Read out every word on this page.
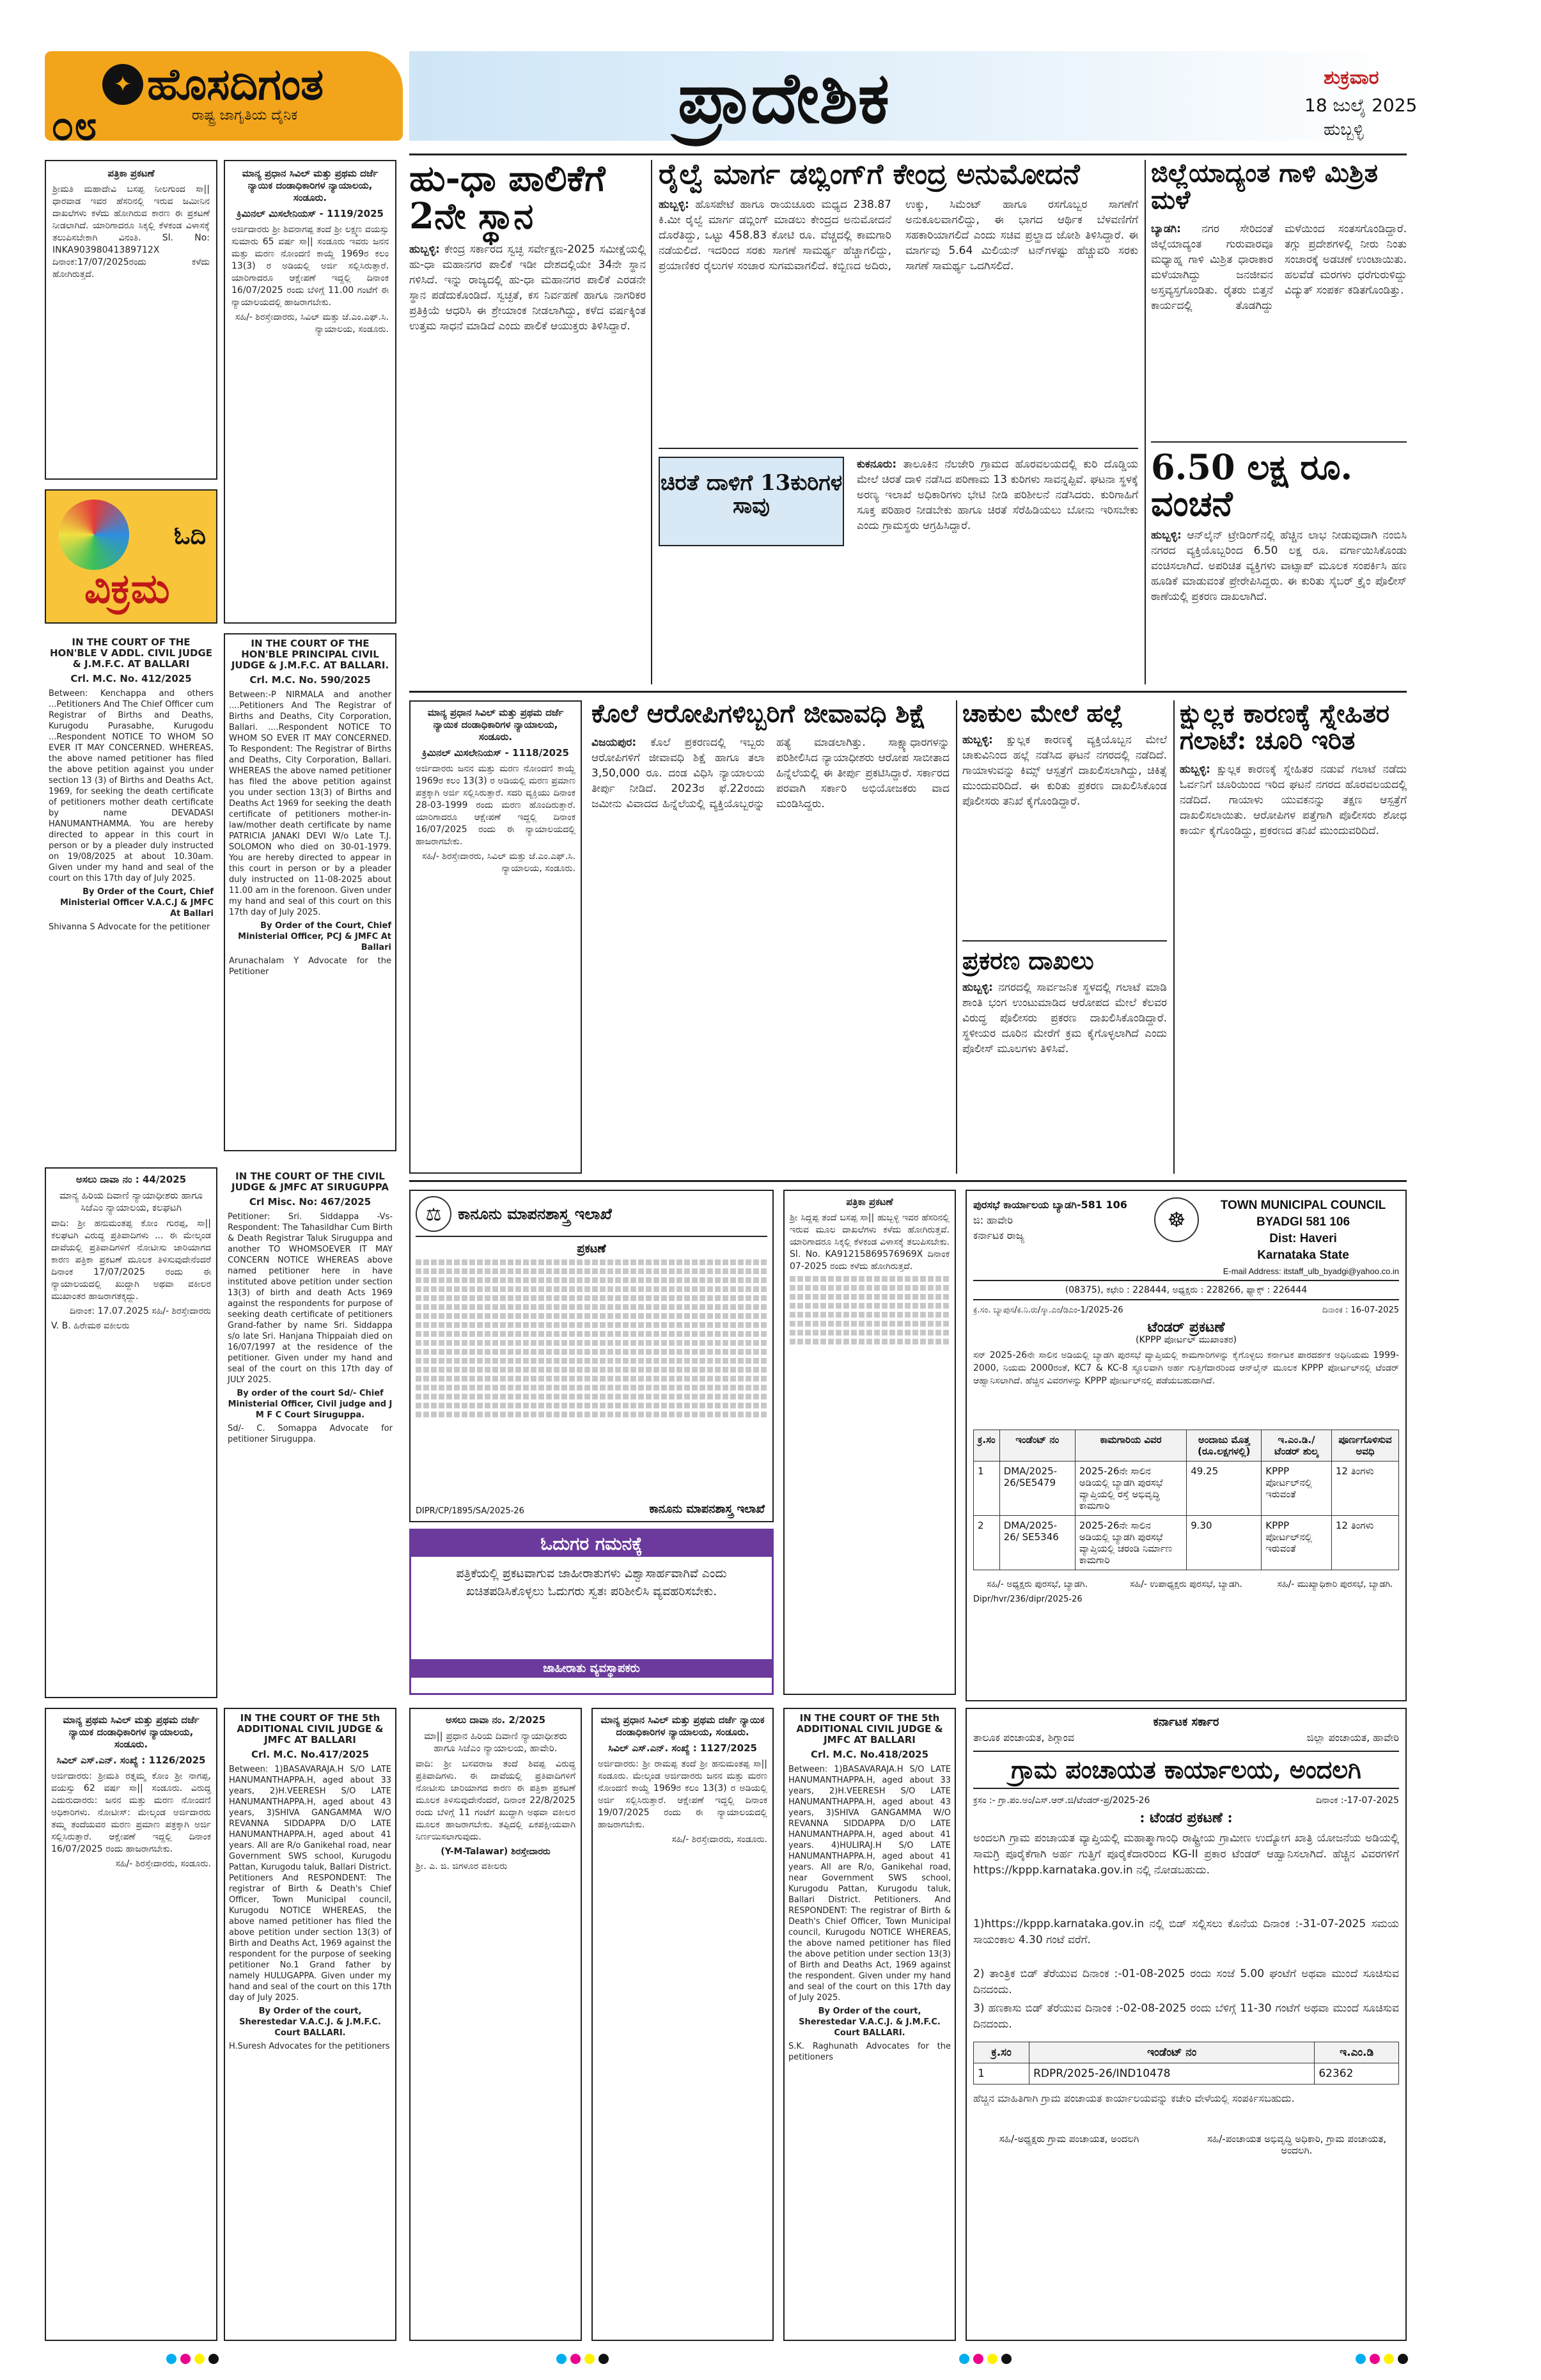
✦ ಹೊಸದಿಗಂತ
ರಾಷ್ಟ್ರ ಜಾಗೃತಿಯ ದೈನಿಕ
೦೮	ಪ್ರಾದೇಶಿಕ	ಶುಕ್ರವಾರ
18 ಜುಲೈ 2025
ಹುಬ್ಬಳ್ಳಿ
ಪತ್ರಿಕಾ ಪ್ರಕಟಣೆ

ಶ್ರೀಮತಿ ಮಹಾದೇವಿ ಬಸಪ್ಪ ನೀಲಗುಂದ ಸಾ|| ಧಾರವಾಡ ಇವರ ಹೆಸರಿನಲ್ಲಿ ಇರುವ ಜಮೀನಿನ ದಾಖಲೆಗಳು ಕಳೆದು ಹೋಗಿರುವ ಕಾರಣ ಈ ಪ್ರಕಟಣೆ ನೀಡಲಾಗಿದೆ. ಯಾರಿಗಾದರೂ ಸಿಕ್ಕಲ್ಲಿ ಕೆಳಕಂಡ ವಿಳಾಸಕ್ಕೆ ತಲುಪಿಸಬೇಕಾಗಿ ವಿನಂತಿ. Sl. No: INKA90398041389712X ದಿನಾಂಕ:17/07/2025ರಂದು ಕಳೆದು ಹೋಗಿರುತ್ತದೆ.

ವಿಕ್ರಮ
ಓದಿ
IN THE COURT OF THE HON'BLE V ADDL. CIVIL JUDGE & J.M.F.C. AT BALLARI
Crl. M.C. No. 412/2025

Between: Kenchappa and others ...Petitioners And The Chief Officer cum Registrar of Births and Deaths, Kurugodu Purasabhe, Kurugodu ...Respondent NOTICE TO WHOM SO EVER IT MAY CONCERNED. WHEREAS, the above named petitioner has filed the above petition against you under section 13 (3) of Births and Deaths Act, 1969, for seeking the death certificate of petitioners mother death certificate by name DEVADASI HANUMANTHAMMA. You are hereby directed to appear in this court in person or by a pleader duly instructed on 19/08/2025 at about 10.30am. Given under my hand and seal of the court on this 17th day of July 2025.

By Order of the Court, Chief Ministerial Officer V.A.C.J & JMFC At Ballari

Shivanna S Advocate for the petitioner

ಅಸಲು ದಾವಾ ನಂ : 44/2025
ಮಾನ್ಯ ಹಿರಿಯ ದಿವಾಣಿ ನ್ಯಾಯಾಧೀಶರು ಹಾಗೂ ಸಿಜೆಎಂ ನ್ಯಾಯಾಲಯ, ಕಲಘಟಗಿ

ವಾದಿ: ಶ್ರೀ ಹನುಮಂತಪ್ಪ ಕೋಂ ಗುರಪ್ಪ, ಸಾ|| ಕಲಘಟಗಿ ವಿರುದ್ಧ ಪ್ರತಿವಾದಿಗಳು ... ಈ ಮೇಲ್ಕಂಡ ದಾವೆಯಲ್ಲಿ ಪ್ರತಿವಾದಿಗಳಿಗೆ ನೋಟೀಸು ಜಾರಿಯಾಗದ ಕಾರಣ ಪತ್ರಿಕಾ ಪ್ರಕಟಣೆ ಮೂಲಕ ತಿಳಿಸುವುದೇನೆಂದರೆ ದಿನಾಂಕ 17/07/2025 ರಂದು ಈ ನ್ಯಾಯಾಲಯದಲ್ಲಿ ಖುದ್ದಾಗಿ ಅಥವಾ ವಕೀಲರ ಮುಖಾಂತರ ಹಾಜರಾಗತಕ್ಕದ್ದು.

ದಿನಾಂಕ: 17.07.2025 ಸಹಿ/- ಶಿರಸ್ತೇದಾರರು

V. B. ಹಿರೇಮಠ ವಕೀಲರು

ಮಾನ್ಯ ಪ್ರಥಮ ಸಿವಿಲ್ ಮತ್ತು ಪ್ರಥಮ ದರ್ಜೆ ನ್ಯಾಯಿಕ ದಂಡಾಧಿಕಾರಿಗಳ ನ್ಯಾಯಾಲಯ, ಸಂಡೂರು.
ಸಿವಿಲ್ ಎಸ್.ಎನ್. ಸಂಖ್ಯೆ : 1126/2025

ಅರ್ಜಿದಾರರು: ಶ್ರೀಮತಿ ರತ್ನಮ್ಮ ಕೋಂ ಶ್ರೀ ನಾಗಪ್ಪ, ವಯಸ್ಸು 62 ವರ್ಷ ಸಾ|| ಸಂಡೂರು. ವಿರುದ್ಧ ಎದುರುದಾರರು: ಜನನ ಮತ್ತು ಮರಣ ನೋಂದಣಿ ಅಧಿಕಾರಿಗಳು. ನೋಟೀಸ್: ಮೇಲ್ಕಂಡ ಅರ್ಜಿದಾರರು ತಮ್ಮ ತಂದೆಯವರ ಮರಣ ಪ್ರಮಾಣ ಪತ್ರಕ್ಕಾಗಿ ಅರ್ಜಿ ಸಲ್ಲಿಸಿರುತ್ತಾರೆ. ಆಕ್ಷೇಪಣೆ ಇದ್ದಲ್ಲಿ ದಿನಾಂಕ 16/07/2025 ರಂದು ಹಾಜರಾಗಬೇಕು.

ಸಹಿ/- ಶಿರಸ್ತೇದಾರರು, ಸಂಡೂರು.

ಮಾನ್ಯ ಪ್ರಧಾನ ಸಿವಿಲ್ ಮತ್ತು ಪ್ರಥಮ ದರ್ಜೆ ನ್ಯಾಯಿಕ ದಂಡಾಧಿಕಾರಿಗಳ ನ್ಯಾಯಾಲಯ, ಸಂಡೂರು.
ಕ್ರಿಮಿನಲ್ ಮಿಸಲೇನಿಯಸ್ - 1119/2025

ಅರ್ಜಿದಾರರು ಶ್ರೀ ಶಿವನಾಗಪ್ಪ ತಂದೆ ಶ್ರೀ ಲಕ್ಷ್ಮಣ ವಯಸ್ಸು ಸುಮಾರು 65 ವರ್ಷ ಸಾ|| ಸಂಡೂರು ಇವರು ಜನನ ಮತ್ತು ಮರಣ ನೋಂದಣಿ ಕಾಯ್ದೆ 1969ರ ಕಲಂ 13(3) ರ ಅಡಿಯಲ್ಲಿ ಅರ್ಜಿ ಸಲ್ಲಿಸಿರುತ್ತಾರೆ. ಯಾರಿಗಾದರೂ ಆಕ್ಷೇಪಣೆ ಇದ್ದಲ್ಲಿ ದಿನಾಂಕ 16/07/2025 ರಂದು ಬೆಳಿಗ್ಗೆ 11.00 ಗಂಟೆಗೆ ಈ ನ್ಯಾಯಾಲಯದಲ್ಲಿ ಹಾಜರಾಗಬೇಕು.

ಸಹಿ/- ಶಿರಸ್ತೇದಾರರು, ಸಿವಿಲ್ ಮತ್ತು ಜೆ.ಎಂ.ಎಫ್.ಸಿ. ನ್ಯಾಯಾಲಯ, ಸಂಡೂರು.

IN THE COURT OF THE HON'BLE PRINCIPAL CIVIL JUDGE & J.M.F.C. AT BALLARI.
Crl. M.C. No. 590/2025

Between:-P NIRMALA and another ....Petitioners And The Registrar of Births and Deaths, City Corporation, Ballari. ....Respondent NOTICE TO WHOM SO EVER IT MAY CONCERNED. To Respondent: The Registrar of Births and Deaths, City Corporation, Ballari. WHEREAS the above named petitioner has filed the above petition against you under section 13(3) of Births and Deaths Act 1969 for seeking the death certificate of petitioners mother-in-law/mother death certificate by name PATRICIA JANAKI DEVI W/o Late T.J. SOLOMON who died on 30-01-1979. You are hereby directed to appear in this court in person or by a pleader duly instructed on 11-08-2025 about 11.00 am in the forenoon. Given under my hand and seal of this court on this 17th day of July 2025.

By Order of the Court, Chief Ministerial Officer, PCJ & JMFC At Ballari

Arunachalam Y Advocate for the Petitioner

IN THE COURT OF THE CIVIL JUDGE & JMFC AT SIRUGUPPA
Crl Misc. No: 467/2025

Petitioner: Sri. Siddappa -Vs- Respondent: The Tahasildhar Cum Birth & Death Registrar Taluk Siruguppa and another TO WHOMSOEVER IT MAY CONCERN NOTICE WHEREAS above named petitioner here in have instituted above petition under section 13(3) of birth and death Acts 1969 against the respondents for purpose of seeking death certificate of petitioners Grand-father by name Sri. Siddappa s/o late Sri. Hanjana Thippaiah died on 16/07/1997 at the residence of the petitioner. Given under my hand and seal of the court on this 17th day of JULY 2025.

By order of the court Sd/- Chief Ministerial Officer, Civil judge and J M F C Court Siruguppa.

Sd/- C. Somappa Advocate for petitioner Siruguppa.

IN THE COURT OF THE 5th ADDITIONAL CIVIL JUDGE & JMFC AT BALLARI
Crl. M.C. No.417/2025

Between: 1)BASAVARAJA.H S/O LATE HANUMANTHAPPA.H, aged about 33 years, 2)H.VEERESH S/O LATE HANUMANTHAPPA.H, aged about 43 years, 3)SHIVA GANGAMMA W/O REVANNA SIDDAPPA D/O LATE HANUMANTHAPPA.H, aged about 41 years. All are R/o Ganikehal road, near Government SWS school, Kurugodu Pattan, Kurugodu taluk, Ballari District. Petitioners And RESPONDENT: The registrar of Birth & Death's Chief Officer, Town Municipal council, Kurugodu NOTICE WHEREAS, the above named petitioner has filed the above petition under section 13(3) of Birth and Deaths Act, 1969 against the respondent for the purpose of seeking petitioner No.1 Grand father by namely HULUGAPPA. Given under my hand and seal of the court on this 17th day of July 2025.

By Order of the court, Sherestedar V.A.C.J. & J.M.F.C. Court BALLARI.

H.Suresh Advocates for the petitioners

ಹು-ಧಾ ಪಾಲಿಕೆಗೆ
2ನೇ ಸ್ಥಾನ
ಹುಬ್ಬಳ್ಳಿ: ಕೇಂದ್ರ ಸರ್ಕಾರದ ಸ್ವಚ್ಛ ಸರ್ವೇಕ್ಷಣ-2025 ಸಮೀಕ್ಷೆಯಲ್ಲಿ ಹು-ಧಾ ಮಹಾನಗರ ಪಾಲಿಕೆ ಇಡೀ ದೇಶದಲ್ಲಿಯೇ 34ನೇ ಸ್ಥಾನ ಗಳಿಸಿದೆ. ಇನ್ನು ರಾಜ್ಯದಲ್ಲಿ ಹು-ಧಾ ಮಹಾನಗರ ಪಾಲಿಕೆ ಎರಡನೇ ಸ್ಥಾನ ಪಡೆದುಕೊಂಡಿದೆ. ಸ್ವಚ್ಛತೆ, ಕಸ ನಿರ್ವಹಣೆ ಹಾಗೂ ನಾಗರಿಕರ ಪ್ರತಿಕ್ರಿಯೆ ಆಧರಿಸಿ ಈ ಶ್ರೇಯಾಂಕ ನೀಡಲಾಗಿದ್ದು, ಕಳೆದ ವರ್ಷಕ್ಕಿಂತ ಉತ್ತಮ ಸಾಧನೆ ಮಾಡಿದೆ ಎಂದು ಪಾಲಿಕೆ ಆಯುಕ್ತರು ತಿಳಿಸಿದ್ದಾರೆ.
ರೈಲ್ವೆ ಮಾರ್ಗ ಡಬ್ಲಿಂಗ್‌ಗೆ ಕೇಂದ್ರ ಅನುಮೋದನೆ
ಹುಬ್ಬಳ್ಳಿ: ಹೊಸಪೇಟೆ ಹಾಗೂ ರಾಯಚೂರು ಮಧ್ಯದ 238.87 ಕಿ.ಮೀ ರೈಲ್ವೆ ಮಾರ್ಗ ಡಬ್ಲಿಂಗ್ ಮಾಡಲು ಕೇಂದ್ರದ ಅನುಮೋದನೆ ದೊರೆತಿದ್ದು, ಒಟ್ಟು 458.83 ಕೋಟಿ ರೂ. ವೆಚ್ಚದಲ್ಲಿ ಕಾಮಗಾರಿ ನಡೆಯಲಿದೆ. ಇದರಿಂದ ಸರಕು ಸಾಗಣೆ ಸಾಮರ್ಥ್ಯ ಹೆಚ್ಚಾಗಲಿದ್ದು, ಪ್ರಯಾಣಿಕರ ರೈಲುಗಳ ಸಂಚಾರ ಸುಗಮವಾಗಲಿದೆ. ಕಬ್ಬಿಣದ ಅದಿರು, ಉಕ್ಕು, ಸಿಮೆಂಟ್ ಹಾಗೂ ರಸಗೊಬ್ಬರ ಸಾಗಣೆಗೆ ಅನುಕೂಲವಾಗಲಿದ್ದು, ಈ ಭಾಗದ ಆರ್ಥಿಕ ಬೆಳವಣಿಗೆಗೆ ಸಹಕಾರಿಯಾಗಲಿದೆ ಎಂದು ಸಚಿವ ಪ್ರಲ್ಹಾದ ಜೋಶಿ ತಿಳಿಸಿದ್ದಾರೆ. ಈ ಮಾರ್ಗವು 5.64 ಮಿಲಿಯನ್ ಟನ್‌ಗಳಷ್ಟು ಹೆಚ್ಚುವರಿ ಸರಕು ಸಾಗಣೆ ಸಾಮರ್ಥ್ಯ ಒದಗಿಸಲಿದೆ.
ಜಿಲ್ಲೆಯಾದ್ಯಂತ ಗಾಳಿ ಮಿಶ್ರಿತ ಮಳೆ
ಬ್ಯಾಡಗಿ: ನಗರ ಸೇರಿದಂತೆ ಜಿಲ್ಲೆಯಾದ್ಯಂತ ಗುರುವಾರವೂ ಮಧ್ಯಾಹ್ನ ಗಾಳಿ ಮಿಶ್ರಿತ ಧಾರಾಕಾರ ಮಳೆಯಾಗಿದ್ದು ಜನಜೀವನ ಅಸ್ತವ್ಯಸ್ತಗೊಂಡಿತು. ರೈತರು ಬಿತ್ತನೆ ಕಾರ್ಯದಲ್ಲಿ ತೊಡಗಿದ್ದು ಮಳೆಯಿಂದ ಸಂತಸಗೊಂಡಿದ್ದಾರೆ. ತಗ್ಗು ಪ್ರದೇಶಗಳಲ್ಲಿ ನೀರು ನಿಂತು ಸಂಚಾರಕ್ಕೆ ಅಡಚಣೆ ಉಂಟಾಯಿತು. ಹಲವೆಡೆ ಮರಗಳು ಧರೆಗುರುಳಿದ್ದು ವಿದ್ಯುತ್ ಸಂಪರ್ಕ ಕಡಿತಗೊಂಡಿತ್ತು.
6.50 ಲಕ್ಷ ರೂ. ವಂಚನೆ
ಹುಬ್ಬಳ್ಳಿ: ಆನ್‌ಲೈನ್ ಟ್ರೇಡಿಂಗ್‌ನಲ್ಲಿ ಹೆಚ್ಚಿನ ಲಾಭ ನೀಡುವುದಾಗಿ ನಂಬಿಸಿ ನಗರದ ವ್ಯಕ್ತಿಯೊಬ್ಬರಿಂದ 6.50 ಲಕ್ಷ ರೂ. ವರ್ಗಾಯಿಸಿಕೊಂಡು ವಂಚಿಸಲಾಗಿದೆ. ಅಪರಿಚಿತ ವ್ಯಕ್ತಿಗಳು ವಾಟ್ಸಾಪ್ ಮೂಲಕ ಸಂಪರ್ಕಿಸಿ ಹಣ ಹೂಡಿಕೆ ಮಾಡುವಂತೆ ಪ್ರೇರೇಪಿಸಿದ್ದರು. ಈ ಕುರಿತು ಸೈಬರ್ ಕ್ರೈಂ ಪೊಲೀಸ್ ಠಾಣೆಯಲ್ಲಿ ಪ್ರಕರಣ ದಾಖಲಾಗಿದೆ.
ಚಿರತೆ ದಾಳಿಗೆ 13ಕುರಿಗಳ ಸಾವು
ಕುಕನೂರು: ತಾಲೂಕಿನ ನೆಲಜೇರಿ ಗ್ರಾಮದ ಹೊರವಲಯದಲ್ಲಿ ಕುರಿ ದೊಡ್ಡಿಯ ಮೇಲೆ ಚಿರತೆ ದಾಳಿ ನಡೆಸಿದ ಪರಿಣಾಮ 13 ಕುರಿಗಳು ಸಾವನ್ನಪ್ಪಿವೆ. ಘಟನಾ ಸ್ಥಳಕ್ಕೆ ಅರಣ್ಯ ಇಲಾಖೆ ಅಧಿಕಾರಿಗಳು ಭೇಟಿ ನೀಡಿ ಪರಿಶೀಲನೆ ನಡೆಸಿದರು. ಕುರಿಗಾಹಿಗೆ ಸೂಕ್ತ ಪರಿಹಾರ ನೀಡಬೇಕು ಹಾಗೂ ಚಿರತೆ ಸೆರೆಹಿಡಿಯಲು ಬೋನು ಇರಿಸಬೇಕು ಎಂದು ಗ್ರಾಮಸ್ಥರು ಆಗ್ರಹಿಸಿದ್ದಾರೆ.
ಮಾನ್ಯ ಪ್ರಧಾನ ಸಿವಿಲ್ ಮತ್ತು ಪ್ರಥಮ ದರ್ಜೆ ನ್ಯಾಯಿಕ ದಂಡಾಧಿಕಾರಿಗಳ ನ್ಯಾಯಾಲಯ, ಸಂಡೂರು.
ಕ್ರಿಮಿನಲ್ ಮಿಸಲೇನಿಯಸ್ - 1118/2025

ಅರ್ಜಿದಾರರು ಜನನ ಮತ್ತು ಮರಣ ನೋಂದಣಿ ಕಾಯ್ದೆ 1969ರ ಕಲಂ 13(3) ರ ಅಡಿಯಲ್ಲಿ ಮರಣ ಪ್ರಮಾಣ ಪತ್ರಕ್ಕಾಗಿ ಅರ್ಜಿ ಸಲ್ಲಿಸಿರುತ್ತಾರೆ. ಸದರಿ ವ್ಯಕ್ತಿಯು ದಿನಾಂಕ 28-03-1999 ರಂದು ಮರಣ ಹೊಂದಿರುತ್ತಾರೆ. ಯಾರಿಗಾದರೂ ಆಕ್ಷೇಪಣೆ ಇದ್ದಲ್ಲಿ ದಿನಾಂಕ 16/07/2025 ರಂದು ಈ ನ್ಯಾಯಾಲಯದಲ್ಲಿ ಹಾಜರಾಗಬೇಕು.

ಸಹಿ/- ಶಿರಸ್ತೇದಾರರು, ಸಿವಿಲ್ ಮತ್ತು ಜೆ.ಎಂ.ಎಫ್.ಸಿ. ನ್ಯಾಯಾಲಯ, ಸಂಡೂರು.

ಕೊಲೆ ಆರೋಪಿಗಳಿಬ್ಬರಿಗೆ ಜೀವಾವಧಿ ಶಿಕ್ಷೆ
ವಿಜಯಪುರ: ಕೊಲೆ ಪ್ರಕರಣದಲ್ಲಿ ಇಬ್ಬರು ಆರೋಪಿಗಳಿಗೆ ಜೀವಾವಧಿ ಶಿಕ್ಷೆ ಹಾಗೂ ತಲಾ 3,50,000 ರೂ. ದಂಡ ವಿಧಿಸಿ ನ್ಯಾಯಾಲಯ ತೀರ್ಪು ನೀಡಿದೆ. 2023ರ ಫೆ.22ರಂದು ಜಮೀನು ವಿವಾದದ ಹಿನ್ನೆಲೆಯಲ್ಲಿ ವ್ಯಕ್ತಿಯೊಬ್ಬರನ್ನು ಹತ್ಯೆ ಮಾಡಲಾಗಿತ್ತು. ಸಾಕ್ಷ್ಯಾಧಾರಗಳನ್ನು ಪರಿಶೀಲಿಸಿದ ನ್ಯಾಯಾಧೀಶರು ಆರೋಪ ಸಾಬೀತಾದ ಹಿನ್ನೆಲೆಯಲ್ಲಿ ಈ ತೀರ್ಪು ಪ್ರಕಟಿಸಿದ್ದಾರೆ. ಸರ್ಕಾರದ ಪರವಾಗಿ ಸರ್ಕಾರಿ ಅಭಿಯೋಜಕರು ವಾದ ಮಂಡಿಸಿದ್ದರು.
ಚಾಕುಲ ಮೇಲೆ ಹಲ್ಲೆ
ಹುಬ್ಬಳ್ಳಿ: ಕ್ಷುಲ್ಲಕ ಕಾರಣಕ್ಕೆ ವ್ಯಕ್ತಿಯೊಬ್ಬನ ಮೇಲೆ ಚಾಕುವಿನಿಂದ ಹಲ್ಲೆ ನಡೆಸಿದ ಘಟನೆ ನಗರದಲ್ಲಿ ನಡೆದಿದೆ. ಗಾಯಾಳುವನ್ನು ಕಿಮ್ಸ್ ಆಸ್ಪತ್ರೆಗೆ ದಾಖಲಿಸಲಾಗಿದ್ದು, ಚಿಕಿತ್ಸೆ ಮುಂದುವರಿದಿದೆ. ಈ ಕುರಿತು ಪ್ರಕರಣ ದಾಖಲಿಸಿಕೊಂಡ ಪೊಲೀಸರು ತನಿಖೆ ಕೈಗೊಂಡಿದ್ದಾರೆ.
ಪ್ರಕರಣ ದಾಖಲು
ಹುಬ್ಬಳ್ಳಿ: ನಗರದಲ್ಲಿ ಸಾರ್ವಜನಿಕ ಸ್ಥಳದಲ್ಲಿ ಗಲಾಟೆ ಮಾಡಿ ಶಾಂತಿ ಭಂಗ ಉಂಟುಮಾಡಿದ ಆರೋಪದ ಮೇಲೆ ಕೆಲವರ ವಿರುದ್ಧ ಪೊಲೀಸರು ಪ್ರಕರಣ ದಾಖಲಿಸಿಕೊಂಡಿದ್ದಾರೆ. ಸ್ಥಳೀಯರ ದೂರಿನ ಮೇರೆಗೆ ಕ್ರಮ ಕೈಗೊಳ್ಳಲಾಗಿದೆ ಎಂದು ಪೊಲೀಸ್ ಮೂಲಗಳು ತಿಳಿಸಿವೆ.
ಕ್ಷುಲ್ಲಕ ಕಾರಣಕ್ಕೆ ಸ್ನೇಹಿತರ
ಗಲಾಟೆ: ಚೂರಿ ಇರಿತ
ಹುಬ್ಬಳ್ಳಿ: ಕ್ಷುಲ್ಲಕ ಕಾರಣಕ್ಕೆ ಸ್ನೇಹಿತರ ನಡುವೆ ಗಲಾಟೆ ನಡೆದು ಓರ್ವನಿಗೆ ಚೂರಿಯಿಂದ ಇರಿದ ಘಟನೆ ನಗರದ ಹೊರವಲಯದಲ್ಲಿ ನಡೆದಿದೆ. ಗಾಯಾಳು ಯುವಕನನ್ನು ತಕ್ಷಣ ಆಸ್ಪತ್ರೆಗೆ ದಾಖಲಿಸಲಾಯಿತು. ಆರೋಪಿಗಳ ಪತ್ತೆಗಾಗಿ ಪೊಲೀಸರು ಶೋಧ ಕಾರ್ಯ ಕೈಗೊಂಡಿದ್ದು, ಪ್ರಕರಣದ ತನಿಖೆ ಮುಂದುವರಿದಿದೆ.
⚖	ಕಾನೂನು ಮಾಪನಶಾಸ್ತ್ರ ಇಲಾಖೆ
ಪ್ರಕಟಣೆ
DIPR/CP/1895/SA/2025-26	ಕಾನೂನು ಮಾಪನಶಾಸ್ತ್ರ ಇಲಾಖೆ
ಓದುಗರ ಗಮನಕ್ಕೆ
ಪತ್ರಿಕೆಯಲ್ಲಿ ಪ್ರಕಟವಾಗುವ ಜಾಹೀರಾತುಗಳು ವಿಶ್ವಾಸಾರ್ಹವಾಗಿವೆ ಎಂದು ಖಚಿತಪಡಿಸಿಕೊಳ್ಳಲು ಓದುಗರು ಸ್ವತಃ ಪರಿಶೀಲಿಸಿ ವ್ಯವಹರಿಸಬೇಕು.
ಜಾಹೀರಾತು ವ್ಯವಸ್ಥಾಪಕರು
ಅಸಲು ದಾವಾ ನಂ. 2/2025
ಮಾ|| ಪ್ರಧಾನ ಹಿರಿಯ ದಿವಾಣಿ ನ್ಯಾಯಾಧೀಶರು ಹಾಗೂ ಸಿಜೆಎಂ ನ್ಯಾಯಾಲಯ, ಹಾವೇರಿ.

ವಾದಿ: ಶ್ರೀ ಬಸವರಾಜ ತಂದೆ ಶಿವಪ್ಪ ವಿರುದ್ಧ ಪ್ರತಿವಾದಿಗಳು. ಈ ದಾವೆಯಲ್ಲಿ ಪ್ರತಿವಾದಿಗಳಿಗೆ ನೋಟೀಸು ಜಾರಿಯಾಗದ ಕಾರಣ ಈ ಪತ್ರಿಕಾ ಪ್ರಕಟಣೆ ಮೂಲಕ ತಿಳಿಸುವುದೇನೆಂದರೆ, ದಿನಾಂಕ 22/8/2025 ರಂದು ಬೆಳಿಗ್ಗೆ 11 ಗಂಟೆಗೆ ಖುದ್ದಾಗಿ ಅಥವಾ ವಕೀಲರ ಮೂಲಕ ಹಾಜರಾಗಬೇಕು. ತಪ್ಪಿದಲ್ಲಿ ಏಕಪಕ್ಷೀಯವಾಗಿ ನಿರ್ಣಯಿಸಲಾಗುವುದು.

(Y-M-Talawar) ಶಿರಸ್ತೇದಾರರು

ಶ್ರೀ. ಎ. ಜಿ. ಜಿಗಳೂರ ವಕೀಲರು

ಮಾನ್ಯ ಪ್ರಧಾನ ಸಿವಿಲ್ ಮತ್ತು ಪ್ರಥಮ ದರ್ಜೆ ನ್ಯಾಯಿಕ ದಂಡಾಧಿಕಾರಿಗಳ ನ್ಯಾಯಾಲಯ, ಸಂಡೂರು.
ಸಿವಿಲ್ ಎಸ್.ಎನ್. ಸಂಖ್ಯೆ : 1127/2025

ಅರ್ಜಿದಾರರು: ಶ್ರೀ ರಾಮಪ್ಪ ತಂದೆ ಶ್ರೀ ಹನುಮಂತಪ್ಪ ಸಾ|| ಸಂಡೂರು. ಮೇಲ್ಕಂಡ ಅರ್ಜಿದಾರರು ಜನನ ಮತ್ತು ಮರಣ ನೋಂದಣಿ ಕಾಯ್ದೆ 1969ರ ಕಲಂ 13(3) ರ ಅಡಿಯಲ್ಲಿ ಅರ್ಜಿ ಸಲ್ಲಿಸಿರುತ್ತಾರೆ. ಆಕ್ಷೇಪಣೆ ಇದ್ದಲ್ಲಿ ದಿನಾಂಕ 19/07/2025 ರಂದು ಈ ನ್ಯಾಯಾಲಯದಲ್ಲಿ ಹಾಜರಾಗಬೇಕು.

ಸಹಿ/- ಶಿರಸ್ತೇದಾರರು, ಸಂಡೂರು.

ಪತ್ರಿಕಾ ಪ್ರಕಟಣೆ

ಶ್ರೀ ಸಿದ್ದಪ್ಪ ತಂದೆ ಬಸಪ್ಪ ಸಾ|| ಹುಬ್ಬಳ್ಳಿ ಇವರ ಹೆಸರಿನಲ್ಲಿ ಇರುವ ಮೂಲ ದಾಖಲೆಗಳು ಕಳೆದು ಹೋಗಿರುತ್ತವೆ. ಯಾರಿಗಾದರೂ ಸಿಕ್ಕಲ್ಲಿ ಕೆಳಕಂಡ ವಿಳಾಸಕ್ಕೆ ತಲುಪಿಸಬೇಕು. Sl. No. KA91215869576969X ದಿನಾಂಕ 07-2025 ರಂದು ಕಳೆದು ಹೋಗಿರುತ್ತದೆ.

IN THE COURT OF THE 5th ADDITIONAL CIVIL JUDGE & JMFC AT BALLARI
Crl. M.C. No.418/2025

Between: 1)BASAVARAJA.H S/O LATE HANUMANTHAPPA.H, aged about 33 years, 2)H.VEERESH S/O LATE HANUMANTHAPPA.H, aged about 43 years, 3)SHIVA GANGAMMA W/O REVANNA SIDDAPPA D/O LATE HANUMANTHAPPA.H, aged about 41 years. 4)HULIRAJ.H S/O LATE HANUMANTHAPPA.H, aged about 41 years. All are R/o, Ganikehal road, near Government SWS school, Kurugodu Pattan, Kurugodu taluk, Ballari District. Petitioners. And RESPONDENT: The registrar of Birth & Death's Chief Officer, Town Municipal council, Kurugodu NOTICE WHEREAS, the above named petitioner has filed the above petition under section 13(3) of Birth and Deaths Act, 1969 against the respondent. Given under my hand and seal of the court on this 17th day of July 2025.

By Order of the court, Sherestedar V.A.C.J. & J.M.F.C. Court BALLARI.

S.K. Raghunath Advocates for the petitioners

ಪುರಸಭೆ ಕಾರ್ಯಾಲಯ ಬ್ಯಾಡಗಿ-581 106
ಜಿ: ಹಾವೇರಿ
ಕರ್ನಾಟಕ ರಾಜ್ಯ
☸
TOWN MUNICIPAL COUNCIL
BYADGI 581 106
Dist: Haveri
Karnataka State
E-mail Address: itstaff_ulb_byadgi@yahoo.co.in
(08375), ಕಛೇರಿ : 228444, ಅಧ್ಯಕ್ಷರು : 228266, ಫ್ಯಾಕ್ಸ್ : 226444
ಕ್ರ.ಸಂ. ಬ್ಯಾಪುಸ/ಕ.ನಿ.ರು/ಸ್ಕಾ.ಎಂ/ಡಿಎಂ-1/2025-26	ದಿನಾಂಕ : 16-07-2025
ಟೆಂಡರ್ ಪ್ರಕಟಣೆ
(KPPP ಪೋರ್ಟಲ್ ಮುಖಾಂತರ)
ಸನ್ 2025-26ನೇ ಸಾಲಿನ ಅಡಿಯಲ್ಲಿ ಬ್ಯಾಡಗಿ ಪುರಸಭೆ ವ್ಯಾಪ್ತಿಯಲ್ಲಿ ಕಾಮಗಾರಿಗಳನ್ನು ಕೈಗೊಳ್ಳಲು ಕರ್ನಾಟಕ ಪಾರದರ್ಶಕ ಅಧಿನಿಯಮ 1999-2000, ನಿಯಮ 2000ರಂತೆ, KC7 & KC-8 ಸ್ಥೂಲವಾಗಿ ಅರ್ಹ ಗುತ್ತಿಗೆದಾರರಿಂದ ಆನ್‌ಲೈನ್ ಮೂಲಕ KPPP ಪೋರ್ಟಲ್‌ನಲ್ಲಿ ಟೆಂಡರ್ ಆಹ್ವಾನಿಸಲಾಗಿದೆ. ಹೆಚ್ಚಿನ ವಿವರಗಳನ್ನು KPPP ಪೋರ್ಟಲ್‌ನಲ್ಲಿ ಪಡೆಯಬಹುದಾಗಿದೆ.
ಕ್ರ.ಸಂ	ಇಂಡೆಂಟ್ ನಂ	ಕಾಮಗಾರಿಯ ವಿವರ	ಅಂದಾಜು ಮೊತ್ತ (ರೂ.ಲಕ್ಷಗಳಲ್ಲಿ)	ಇ.ಎಂ.ಡಿ./ಟೆಂಡರ್ ಶುಲ್ಕ	ಪೂರ್ಣಗೊಳಿಸುವ ಅವಧಿ
1	DMA/2025-26/SE5479	2025-26ನೇ ಸಾಲಿನ ಅಡಿಯಲ್ಲಿ ಬ್ಯಾಡಗಿ ಪುರಸಭೆ ವ್ಯಾಪ್ತಿಯಲ್ಲಿ ರಸ್ತೆ ಅಭಿವೃದ್ಧಿ ಕಾಮಗಾರಿ	49.25	KPPP ಪೋರ್ಟಲ್‌ನಲ್ಲಿ ಇರುವಂತೆ	12 ತಿಂಗಳು
2	DMA/2025-26/ SE5346	2025-26ನೇ ಸಾಲಿನ ಅಡಿಯಲ್ಲಿ ಬ್ಯಾಡಗಿ ಪುರಸಭೆ ವ್ಯಾಪ್ತಿಯಲ್ಲಿ ಚರಂಡಿ ನಿರ್ಮಾಣ ಕಾಮಗಾರಿ	9.30	KPPP ಪೋರ್ಟಲ್‌ನಲ್ಲಿ ಇರುವಂತೆ	12 ತಿಂಗಳು
ಸಹಿ/- ಅಧ್ಯಕ್ಷರು ಪುರಸಭೆ, ಬ್ಯಾಡಗಿ.	ಸಹಿ/- ಉಪಾಧ್ಯಕ್ಷರು ಪುರಸಭೆ, ಬ್ಯಾಡಗಿ.	ಸಹಿ/- ಮುಖ್ಯಾಧಿಕಾರಿ ಪುರಸಭೆ, ಬ್ಯಾಡಗಿ.
Dipr/hvr/236/dipr/2025-26
ಕರ್ನಾಟಕ ಸರ್ಕಾರ
ತಾಲೂಕ ಪಂಚಾಯತ, ಶಿಗ್ಗಾಂವ	ಜಿಲ್ಲಾ ಪಂಚಾಯತ, ಹಾವೇರಿ
ಗ್ರಾಮ ಪಂಚಾಯತ ಕಾರ್ಯಾಲಯ, ಅಂದಲಗಿ
ಕ್ರಸಂ :- ಗ್ರಾ.ಪಂ.ಅಂ/ಎಸ್.ಆರ್‌.ಜಿ/ಟೆಂಡರ್‌-ಪ್ರ/2025-26	ದಿನಾಂಕ :-17-07-2025
: ಟೆಂಡರ ಪ್ರಕಟಣೆ :
ಅಂದಲಗಿ ಗ್ರಾಮ ಪಂಚಾಯತ ವ್ಯಾಪ್ತಿಯಲ್ಲಿ ಮಹಾತ್ಮಾಗಾಂಧಿ ರಾಷ್ಟ್ರೀಯ ಗ್ರಾಮೀಣ ಉದ್ಯೋಗ ಖಾತ್ರಿ ಯೋಜನೆಯ ಅಡಿಯಲ್ಲಿ ಸಾಮಗ್ರಿ ಪೂರೈಕೆಗಾಗಿ ಅರ್ಹ ಗುತ್ತಿಗೆ ಪೂರೈಕೆದಾರರಿಂದ KG-II ಪ್ರಕಾರ ಟೆಂಡರ್ ಆಹ್ವಾನಿಸಲಾಗಿದೆ. ಹೆಚ್ಚಿನ ವಿವರಗಳಿಗೆ https://kppp.karnataka.gov.in ನಲ್ಲಿ ನೋಡಬಹುದು.
1)https://kppp.karnataka.gov.in ನಲ್ಲಿ ಬಿಡ್ ಸಲ್ಲಿಸಲು ಕೊನೆಯ ದಿನಾಂಕ :-31-07-2025 ಸಮಯ ಸಾಯಂಕಾಲ 4.30 ಗಂಟೆ ವರೆಗೆ.
2) ತಾಂತ್ರಿಕ ಬಿಡ್ ತೆರೆಯುವ ದಿನಾಂಕ :-01-08-2025 ರಂದು ಸಂಜೆ 5.00 ಘಂಟೆಗೆ ಅಥವಾ ಮುಂದೆ ಸೂಚಿಸುವ ದಿನದಂದು.
3) ಹಣಕಾಸು ಬಿಡ್ ತೆರೆಯುವ ದಿನಾಂಕ :-02-08-2025 ರಂದು ಬೆಳಿಗ್ಗೆ 11-30 ಗಂಟೆಗೆ ಅಥವಾ ಮುಂದೆ ಸೂಚಿಸುವ ದಿನದಂದು.
ಕ್ರ.ಸಂ	ಇಂಡೆಂಟ್ ನಂ	ಇ.ಎಂ.ಡಿ
1	RDPR/2025-26/IND10478	62362
ಹೆಚ್ಚಿನ ಮಾಹಿತಿಗಾಗಿ ಗ್ರಾಮ ಪಂಚಾಯತ ಕಾರ್ಯಾಲಯವನ್ನು ಕಚೇರಿ ವೇಳೆಯಲ್ಲಿ ಸಂಪರ್ಕಿಸಬಹುದು.
ಸಹಿ/-ಅಧ್ಯಕ್ಷರು ಗ್ರಾಮ ಪಂಚಾಯತ, ಅಂದಲಗಿ	ಸಹಿ/-ಪಂಚಾಯತ ಅಭಿವೃದ್ಧಿ ಅಧಿಕಾರಿ, ಗ್ರಾಮ ಪಂಚಾಯತ, ಅಂದಲಗಿ.
